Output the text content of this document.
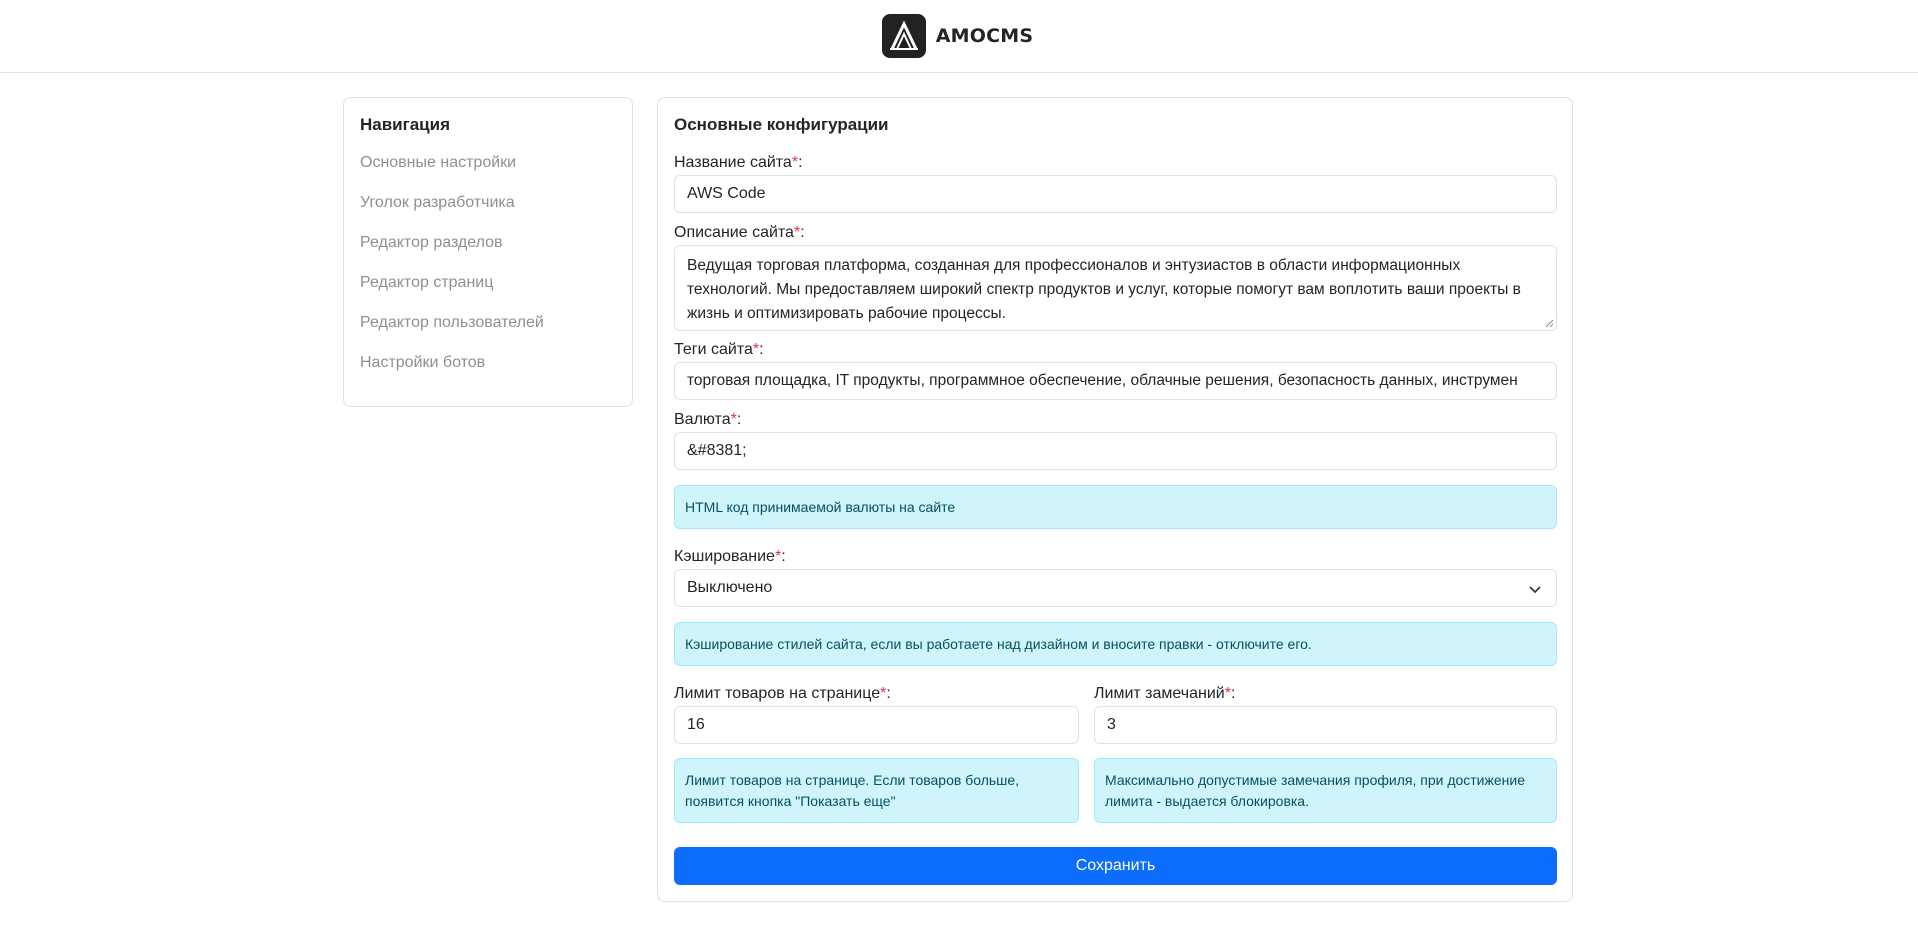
AMOCMS
Навигация
Основные настройки
Уголок разработчика
Редактор разделов
Редактор страниц
Редактор пользователей
Настройки ботов
Основные конфигурации
Название сайта*:
AWS Code
Описание сайта*:
Ведущая торговая платформа, созданная для профессионалов и энтузиастов в области информационных технологий. Мы предоставляем широкий спектр продуктов и услуг, которые помогут вам воплотить ваши проекты в жизнь и оптимизировать рабочие процессы.
Теги сайта*:
торговая площадка, IT продукты, программное обеспечение, облачные решения, безопасность данных, инструмен
Валюта*:
&#8381;
HTML код принимаемой валюты на сайте
Кэширование*:
Выключено
Кэширование стилей сайта, если вы работаете над дизайном и вносите правки - отключите его.
Лимит товаров на странице*:
16
Лимит товаров на странице. Если товаров больше, появится кнопка "Показать еще"
Лимит замечаний*:
3
Максимально допустимые замечания профиля, при достижение лимита - выдается блокировка.
Сохранить
